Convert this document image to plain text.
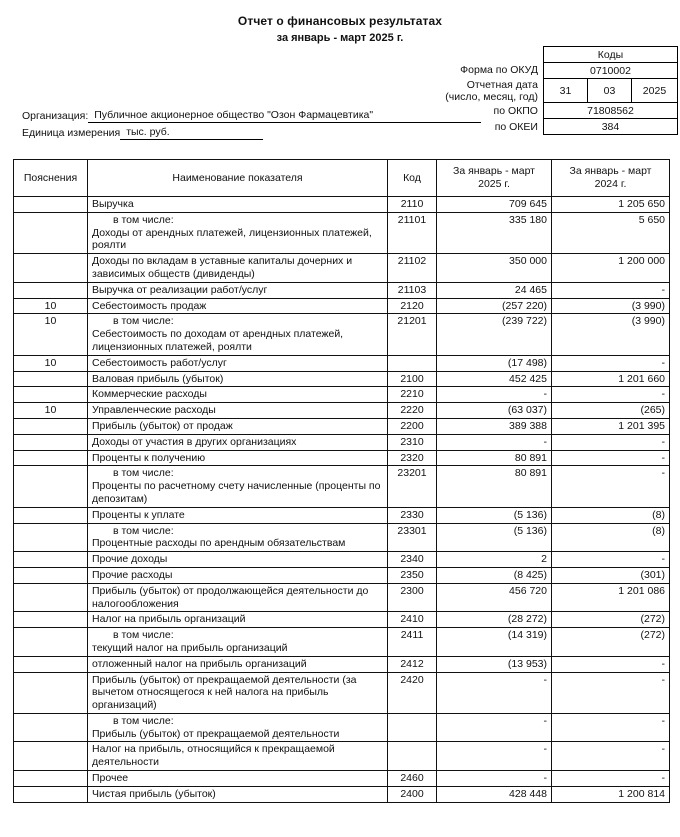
Отчет о финансовых результатах
за январь - март 2025 г.
	Коды		
Форма по ОКУД	0710002		

Отчетная дата
(число, месяц, год)	31	03	2025
по ОКПО	71808562		
по ОКЕИ	384		
Организация: Публичное акционерное общество "Озон Фармацевтика"
Единица измерения тыс. руб.
Пояснения	Наименование показателя	Код	
За январь - март
2025 г.

За январь - март
2024 г.

	Выручка	2110	709 645	1 205 650

	в том числе:
Доходы от арендных платежей, лицензионных платежей, роялти	21101	335 180	5 650

	Доходы по вкладам в уставные капиталы дочерних и зависимых обществ (дивиденды)	21102	350 000	1 200 000

	Выручка от реализации работ/услуг	21103	24 465	-
10	Себестоимость продаж	2120	(257 220)	(3 990)
10	в том числе:
Себестоимость по доходам от арендных платежей, лицензионных платежей, роялти	21201	(239 722)	(3 990)
10	Себестоимость работ/услуг		(17 498)	-

	Валовая прибыль (убыток)	2100	452 425	1 201 660

	Коммерческие расходы	2210	-	-
10	Управленческие расходы	2220	(63 037)	(265)

	Прибыль (убыток) от продаж	2200	389 388	1 201 395

	Доходы от участия в других организациях	2310	-	-

	Проценты к получению	2320	80 891	-

	в том числе:
Проценты по расчетному счету начисленные (проценты по депозитам)	23201	80 891	-

	Проценты к уплате	2330	(5 136)	(8)

	в том числе:
Процентные расходы по арендным обязательствам	23301	(5 136)	(8)

	Прочие доходы	2340	2	-

	Прочие расходы	2350	(8 425)	(301)

	Прибыль (убыток) от продолжающейся деятельности до налогообложения	2300	456 720	1 201 086

	Налог на прибыль организаций	2410	(28 272)	(272)

	в том числе:
текущий налог на прибыль организаций	2411	(14 319)	(272)

	отложенный налог на прибыль организаций	2412	(13 953)	-

	Прибыль (убыток) от прекращаемой деятельности (за вычетом относящегося к ней налога на прибыль организаций)	2420	-	-

	в том числе:
Прибыль (убыток) от прекращаемой деятельности		-	-

	Налог на прибыль, относящийся к прекращаемой деятельности		-	-

	Прочее	2460	-	-

	Чистая прибыль (убыток)	2400	428 448	1 200 814
